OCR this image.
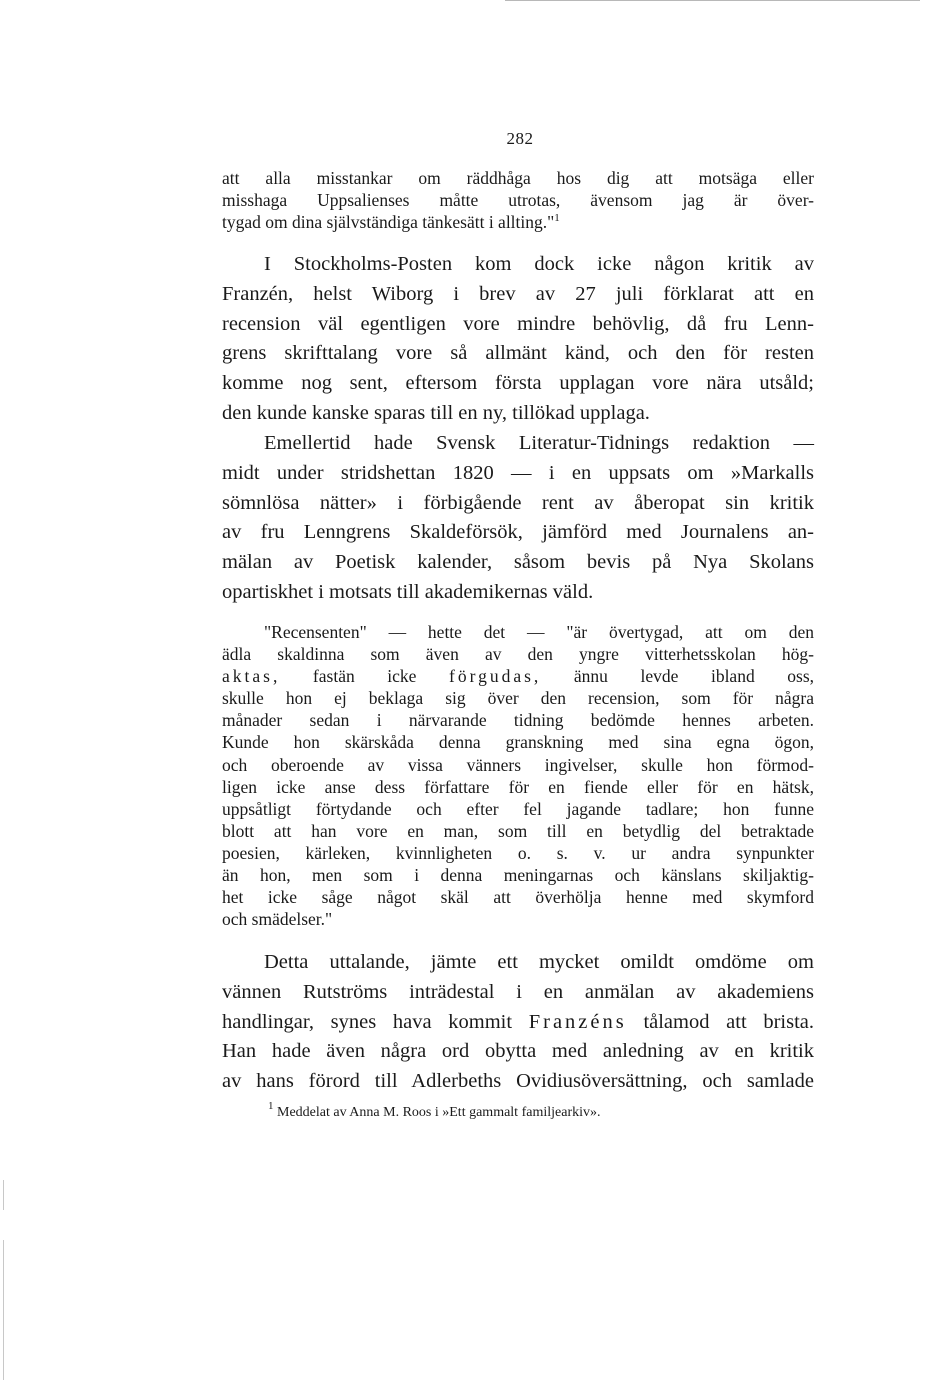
282
att alla misstankar om räddhåga hos dig att motsäga eller
misshaga Uppsalienses måtte utrotas, ävensom jag är över-
tygad om dina självständiga tänkesätt i allting."$^1$
I Stockholms-Posten kom dock icke någon kritik av
Franzén, helst Wiborg i brev av 27 juli förklarat att en
recension väl egentligen vore mindre behövlig, då fru Lenn-
grens skrifttalang vore så allmänt känd, och den för resten
komme nog sent, eftersom första upplagan vore nära utsåld;
den kunde kanske sparas till en ny, tillökad upplaga.
Emellertid hade Svensk Literatur-Tidnings redaktion —
midt under stridshettan 1820 — i en uppsats om »Markalls
sömnlösa nätter» i förbigående rent av åberopat sin kritik
av fru Lenngrens Skaldeförsök, jämförd med Journalens an-
mälan av Poetisk kalender, såsom bevis på Nya Skolans
opartiskhet i motsats till akademikernas väld.
"Recensenten" — hette det — "är övertygad, att om den
ädla skaldinna som även av den yngre vitterhetsskolan hög-
aktas, fastän icke förgudas, ännu levde ibland oss,
skulle hon ej beklaga sig över den recension, som för några
månader sedan i närvarande tidning bedömde hennes arbeten.
Kunde hon skärskåda denna granskning med sina egna ögon,
och oberoende av vissa vänners ingivelser, skulle hon förmod-
ligen icke anse dess författare för en fiende eller för en hätsk,
uppsåtligt förtydande och efter fel jagande tadlare; hon funne
blott att han vore en man, som till en betydlig del betraktade
poesien, kärleken, kvinnligheten o. s. v. ur andra synpunkter
än hon, men som i denna meningarnas och känslans skiljaktig-
het icke såge något skäl att överhölja henne med skymford
och smädelser."
Detta uttalande, jämte ett mycket omildt omdöme om
vännen Rutströms inträdestal i en anmälan av akademiens
handlingar, synes hava kommit Franzéns tålamod att brista.
Han hade även några ord obytta med anledning av en kritik
av hans förord till Adlerbeths Ovidiusöversättning, och samlade
$^1$ Meddelat av Anna M. Roos i »Ett gammalt familjearkiv».
